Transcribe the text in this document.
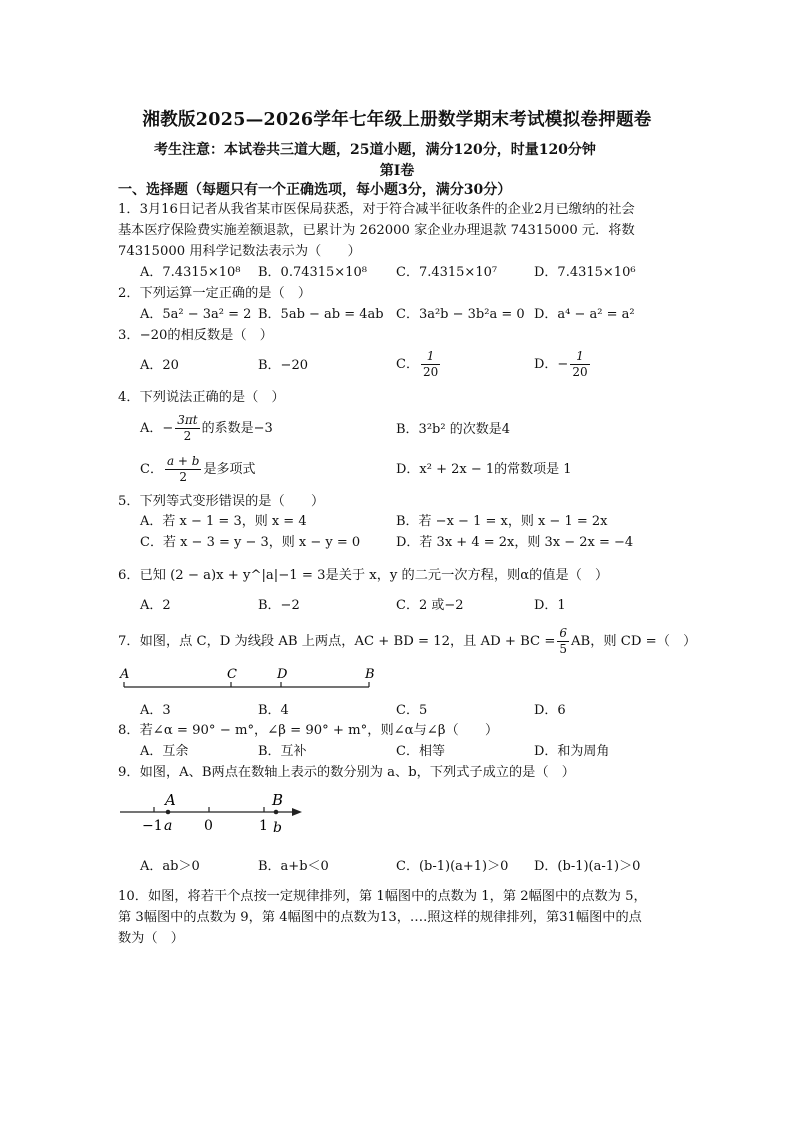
湘教版2025—2026学年七年级上册数学期末考试模拟卷押题卷
考生注意：本试卷共三道大题，25道小题，满分120分，时量120分钟
第Ⅰ卷
一、选择题（每题只有一个正确选项，每小题3分，满分30分）
1．3月16日记者从我省某市医保局获悉，对于符合减半征收条件的企业2月已缴纳的社会
基本医疗保险费实施差额退款，已累计为 262000 家企业办理退款 74315000 元．将数
74315000 用科学记数法表示为（　　）
A．7.4315×10⁸ B．0.74315×10⁸ C．7.4315×10⁷	D．7.4315×10⁶
2．下列运算一定正确的是（　）
A．5a² − 3a² = 2 B．5ab − ab = 4ab C．3a²b − 3b²a = 0 D．a⁴ − a² = a²
3．−20的相反数是（　）
A．20	B．−20	C． $\frac{1}{20}$	D．− $\frac{1}{20}$
4．下列说法正确的是（　）
A．− $\frac{3\pi t}{2}$ 的系数是−3	B．3²b² 的次数是4
C． $\frac{a + b}{2}$ 是多项式	D．x² + 2x − 1的常数项是 1
5．下列等式变形错误的是（　　）
A．若 x − 1 = 3，则 x = 4	B．若 −x − 1 = x，则 x − 1 = 2x
C．若 x − 3 = y − 3，则 x − y = 0	D．若 3x + 4 = 2x，则 3x − 2x = −4
6．已知 (2 − a)x + y^|a|−1 = 3是关于 x，y 的二元一次方程，则α的值是（　）
A．2	B．−2	C．2 或−2	D．1
7．如图，点 C，D 为线段 AB 上两点，AC + BD = 12，且 AD + BC = $\frac{6}{5}$ AB，则 CD =（　）
A	C	D	B
A．3	B．4	C．5	D．6
8．若∠α = 90° − m°，∠β = 90° + m°，则∠α与∠β（　　）
A．互余	B．互补	C．相等	D．和为周角
9．如图，A、B两点在数轴上表示的数分别为 a、b，下列式子成立的是（　）
A	B
−1 a 0	1 b
A．ab＞0	B．a+b＜0	C．(b-1)(a+1)＞0 D．(b-1)(a-1)＞0
10．如图，将若干个点按一定规律排列，第 1幅图中的点数为 1，第 2幅图中的点数为 5，
第 3幅图中的点数为 9，第 4幅图中的点数为13，….照这样的规律排列，第31幅图中的点
数为（　）
